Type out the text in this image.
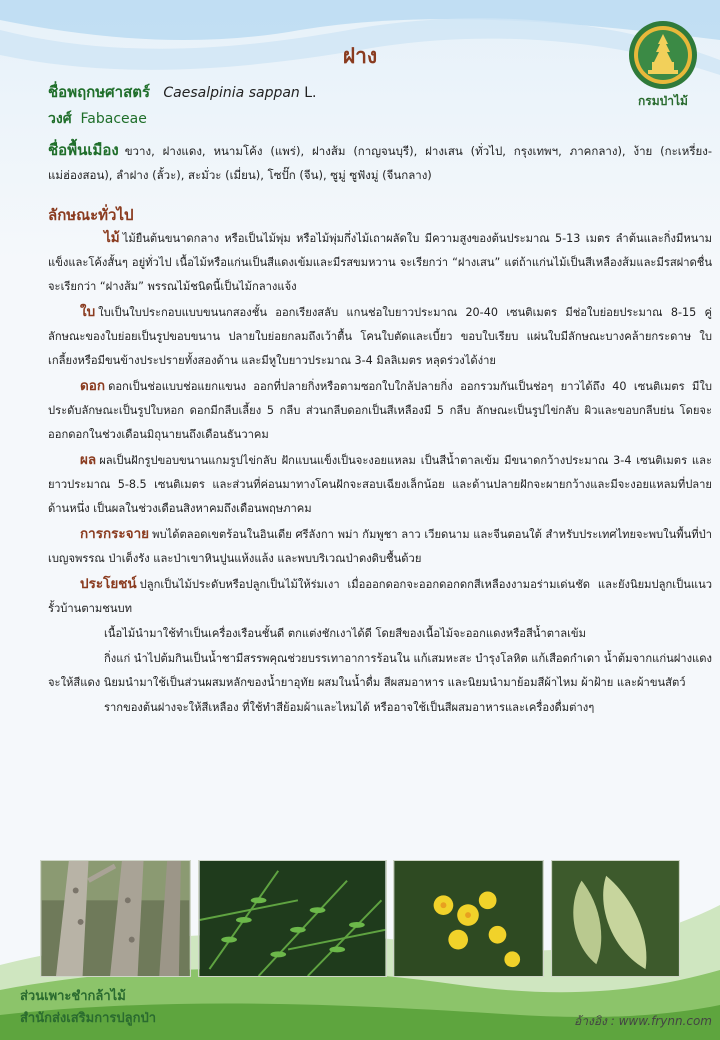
ฝาง
กรมป่าไม้
ชื่อพฤกษศาสตร์ Caesalpinia sappan L.
วงศ์ Fabaceae
ชื่อพื้นเมือง ขวาง, ฝางแดง, หนามโค้ง (แพร่), ฝางส้ม (กาญจนบุรี), ฝางเสน (ทั่วไป, กรุงเทพฯ, ภาคกลาง), ง้าย (กะเหรี่ยง-แม่ฮ่องสอน), ลำฝาง (ลั้วะ), สะมั่วะ (เมี่ยน), โซปั๊ก (จีน), ซูมู่ ซูฟังมู่ (จีนกลาง)
ลักษณะทั่วไป

ไม้ ไม้ยืนต้นขนาดกลาง หรือเป็นไม้พุ่ม หรือไม้พุ่มกึ่งไม้เถาผลัดใบ มีความสูงของต้นประมาณ 5-13 เมตร ลำต้นและกิ่งมีหนามแข็งและโค้งสั้นๆ อยู่ทั่วไป เนื้อไม้หรือแก่นเป็นสีแดงเข้มและมีรสขมหวาน จะเรียกว่า “ฝางเสน” แต่ถ้าแก่นไม้เป็นสีเหลืองส้มและมีรสฝาดชื่น จะเรียกว่า “ฝางส้ม” พรรณไม้ชนิดนี้เป็นไม้กลางแจ้ง

ใบ ใบเป็นใบประกอบแบบขนนกสองชั้น ออกเรียงสลับ แกนช่อใบยาวประมาณ 20-40 เซนติเมตร มีช่อใบย่อยประมาณ 8-15 คู่ ลักษณะของใบย่อยเป็นรูปขอบขนาน ปลายใบย่อยกลมถึงเว้าตื้น โคนใบตัดและเบี้ยว ขอบใบเรียบ แผ่นใบมีลักษณะบางคล้ายกระดาษ ใบเกลี้ยงหรือมีขนข้างประปรายทั้งสองด้าน และมีหูใบยาวประมาณ 3-4 มิลลิเมตร หลุดร่วงได้ง่าย

ดอก ดอกเป็นช่อแบบช่อแยกแขนง ออกที่ปลายกิ่งหรือตามซอกใบใกล้ปลายกิ่ง ออกรวมกันเป็นช่อๆ ยาวได้ถึง 40 เซนติเมตร มีใบประดับลักษณะเป็นรูปใบหอก ดอกมีกลีบเลี้ยง 5 กลีบ ส่วนกลีบดอกเป็นสีเหลืองมี 5 กลีบ ลักษณะเป็นรูปไข่กลับ ผิวและขอบกลีบย่น โดยจะออกดอกในช่วงเดือนมิถุนายนถึงเดือนธันวาคม

ผล ผลเป็นฝักรูปขอบขนานแกมรูปไข่กลับ ฝักแบนแข็งเป็นจะงอยแหลม เป็นสีน้ำตาลเข้ม มีขนาดกว้างประมาณ 3-4 เซนติเมตร และยาวประมาณ 5-8.5 เซนติเมตร และส่วนที่ค่อนมาทางโคนฝักจะสอบเฉียงเล็กน้อย และด้านปลายฝักจะผายกว้างและมีจะงอยแหลมที่ปลายด้านหนึ่ง เป็นผลในช่วงเดือนสิงหาคมถึงเดือนพฤษภาคม

การกระจาย พบได้ตลอดเขตร้อนในอินเดีย ศรีลังกา พม่า กัมพูชา ลาว เวียดนาม และจีนตอนใต้ สำหรับประเทศไทยจะพบในพื้นที่ป่าเบญจพรรณ ป่าเต็งรัง และป่าเขาหินปูนแห้งแล้ง และพบบริเวณป่าดงดิบชื้นด้วย

ประโยชน์ ปลูกเป็นไม้ประดับหรือปลูกเป็นไม้ให้ร่มเงา เมื่อออกดอกจะออกดอกดกสีเหลืองงามอร่ามเด่นชัด และยังนิยมปลูกเป็นแนวรั้วบ้านตามชนบท

เนื้อไม้นำมาใช้ทำเป็นเครื่องเรือนชั้นดี ตกแต่งชักเงาได้ดี โดยสีของเนื้อไม้จะออกแดงหรือสีน้ำตาลเข้ม

กิ่งแก่ นำไปต้มกินเป็นน้ำชามีสรรพคุณช่วยบรรเทาอาการร้อนใน แก้เสมหะสะ บำรุงโลหิต แก้เสือดกำเดา น้ำต้มจากแก่นฝางแดง จะให้สีแดง นิยมนำมาใช้เป็นส่วนผสมหลักของน้ำยาอุทัย ผสมในน้ำดื่ม สีผสมอาหาร และนิยมนำมาย้อมสีผ้าไหม ผ้าฝ้าย และผ้าขนสัตว์

รากของต้นฝางจะให้สีเหลือง ที่ใช้ทำสีย้อมผ้าและไหมได้ หรืออาจใช้เป็นสีผสมอาหารและเครื่องดื่มต่างๆ

ส่วนเพาะชำกล้าไม้
สำนักส่งเสริมการปลูกป่า	อ้างอิง : www.frynn.com
